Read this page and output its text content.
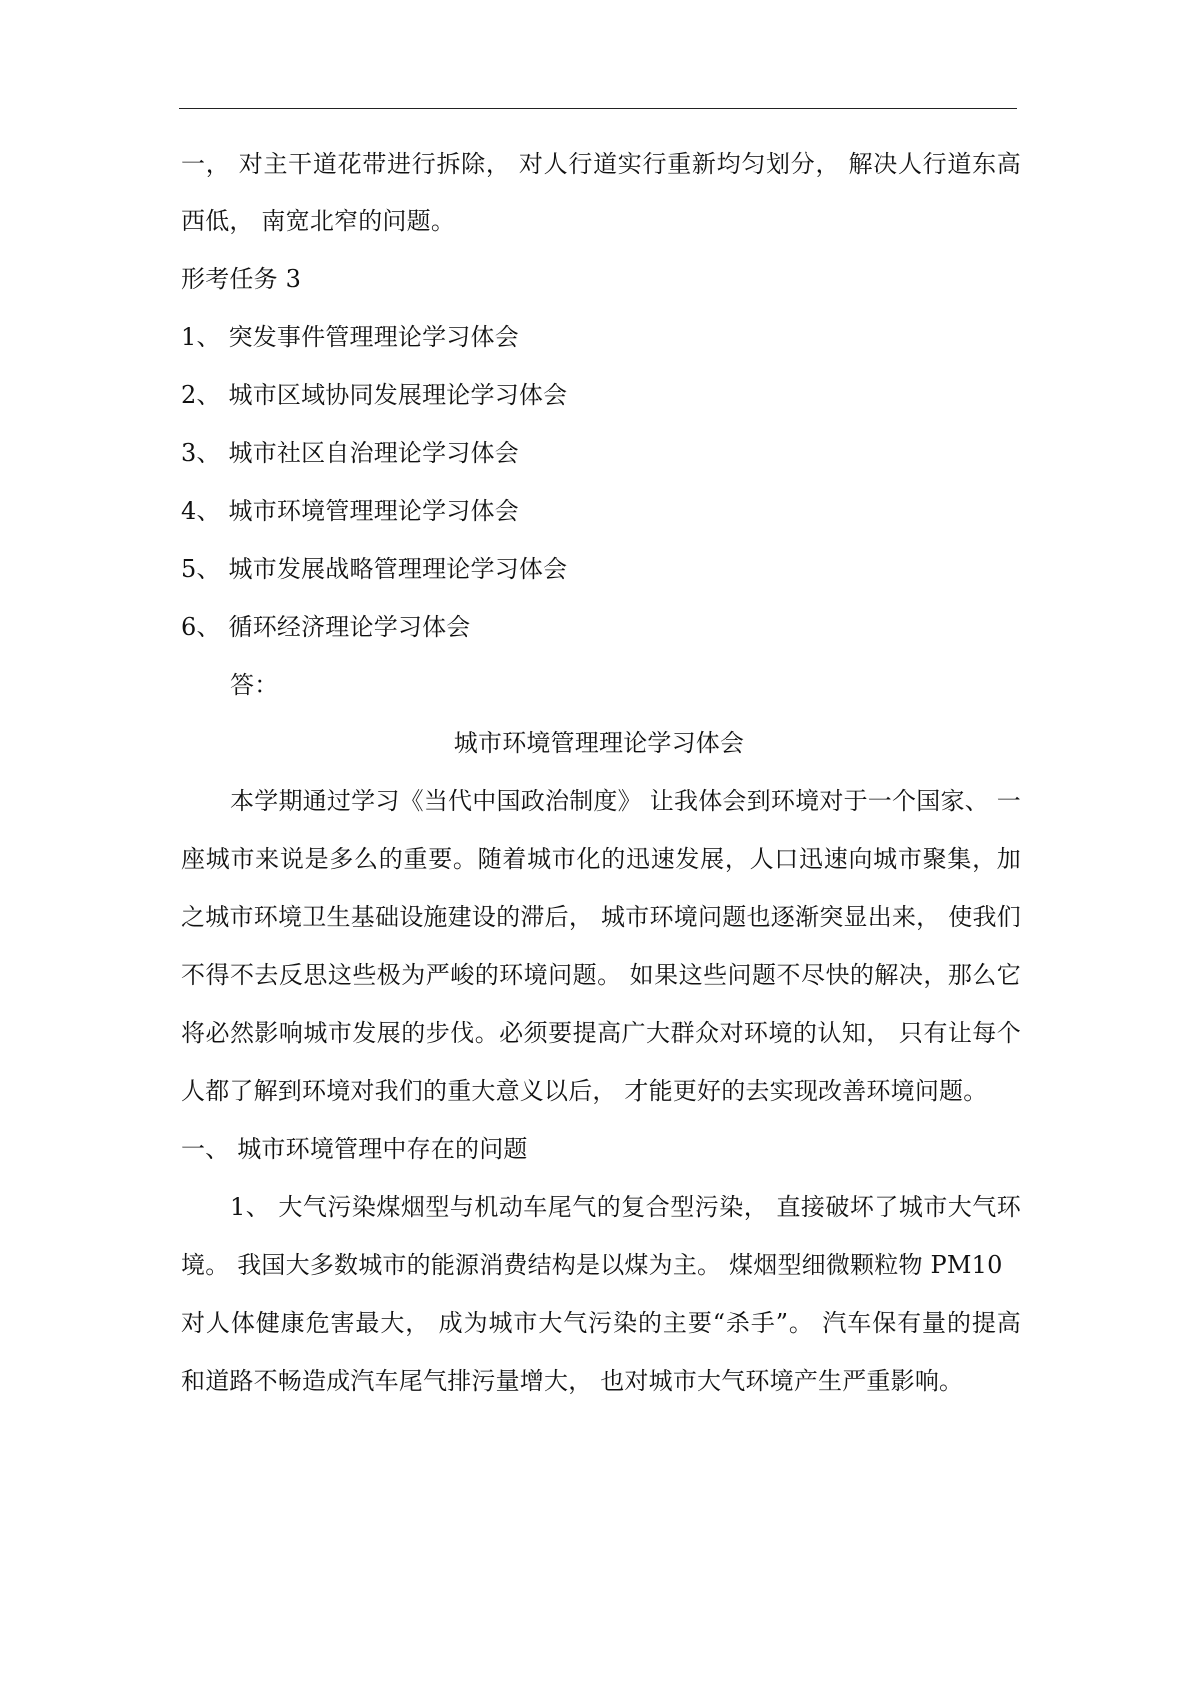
一， 对主干道花带进行拆除， 对人行道实行重新均匀划分， 解决人行道东高
西低， 南宽北窄的问题。
形考任务 3
1、 突发事件管理理论学习体会
2、 城市区域协同发展理论学习体会
3、 城市社区自治理论学习体会
4、 城市环境管理理论学习体会
5、 城市发展战略管理理论学习体会
6、 循环经济理论学习体会
答：
城市环境管理理论学习体会
本学期通过学习《当代中国政治制度》 让我体会到环境对于一个国家、 一
座城市来说是多么的重要。随着城市化的迅速发展，人口迅速向城市聚集，加
之城市环境卫生基础设施建设的滞后， 城市环境问题也逐渐突显出来， 使我们
不得不去反思这些极为严峻的环境问题。 如果这些问题不尽快的解决，那么它
将必然影响城市发展的步伐。必须要提高广大群众对环境的认知， 只有让每个
人都了解到环境对我们的重大意义以后， 才能更好的去实现改善环境问题。
一、 城市环境管理中存在的问题
1、 大气污染煤烟型与机动车尾气的复合型污染， 直接破坏了城市大气环
境。 我国大多数城市的能源消费结构是以煤为主。 煤烟型细微颗粒物 PM10
对人体健康危害最大， 成为城市大气污染的主要“杀手”。 汽车保有量的提高
和道路不畅造成汽车尾气排污量增大， 也对城市大气环境产生严重影响。
